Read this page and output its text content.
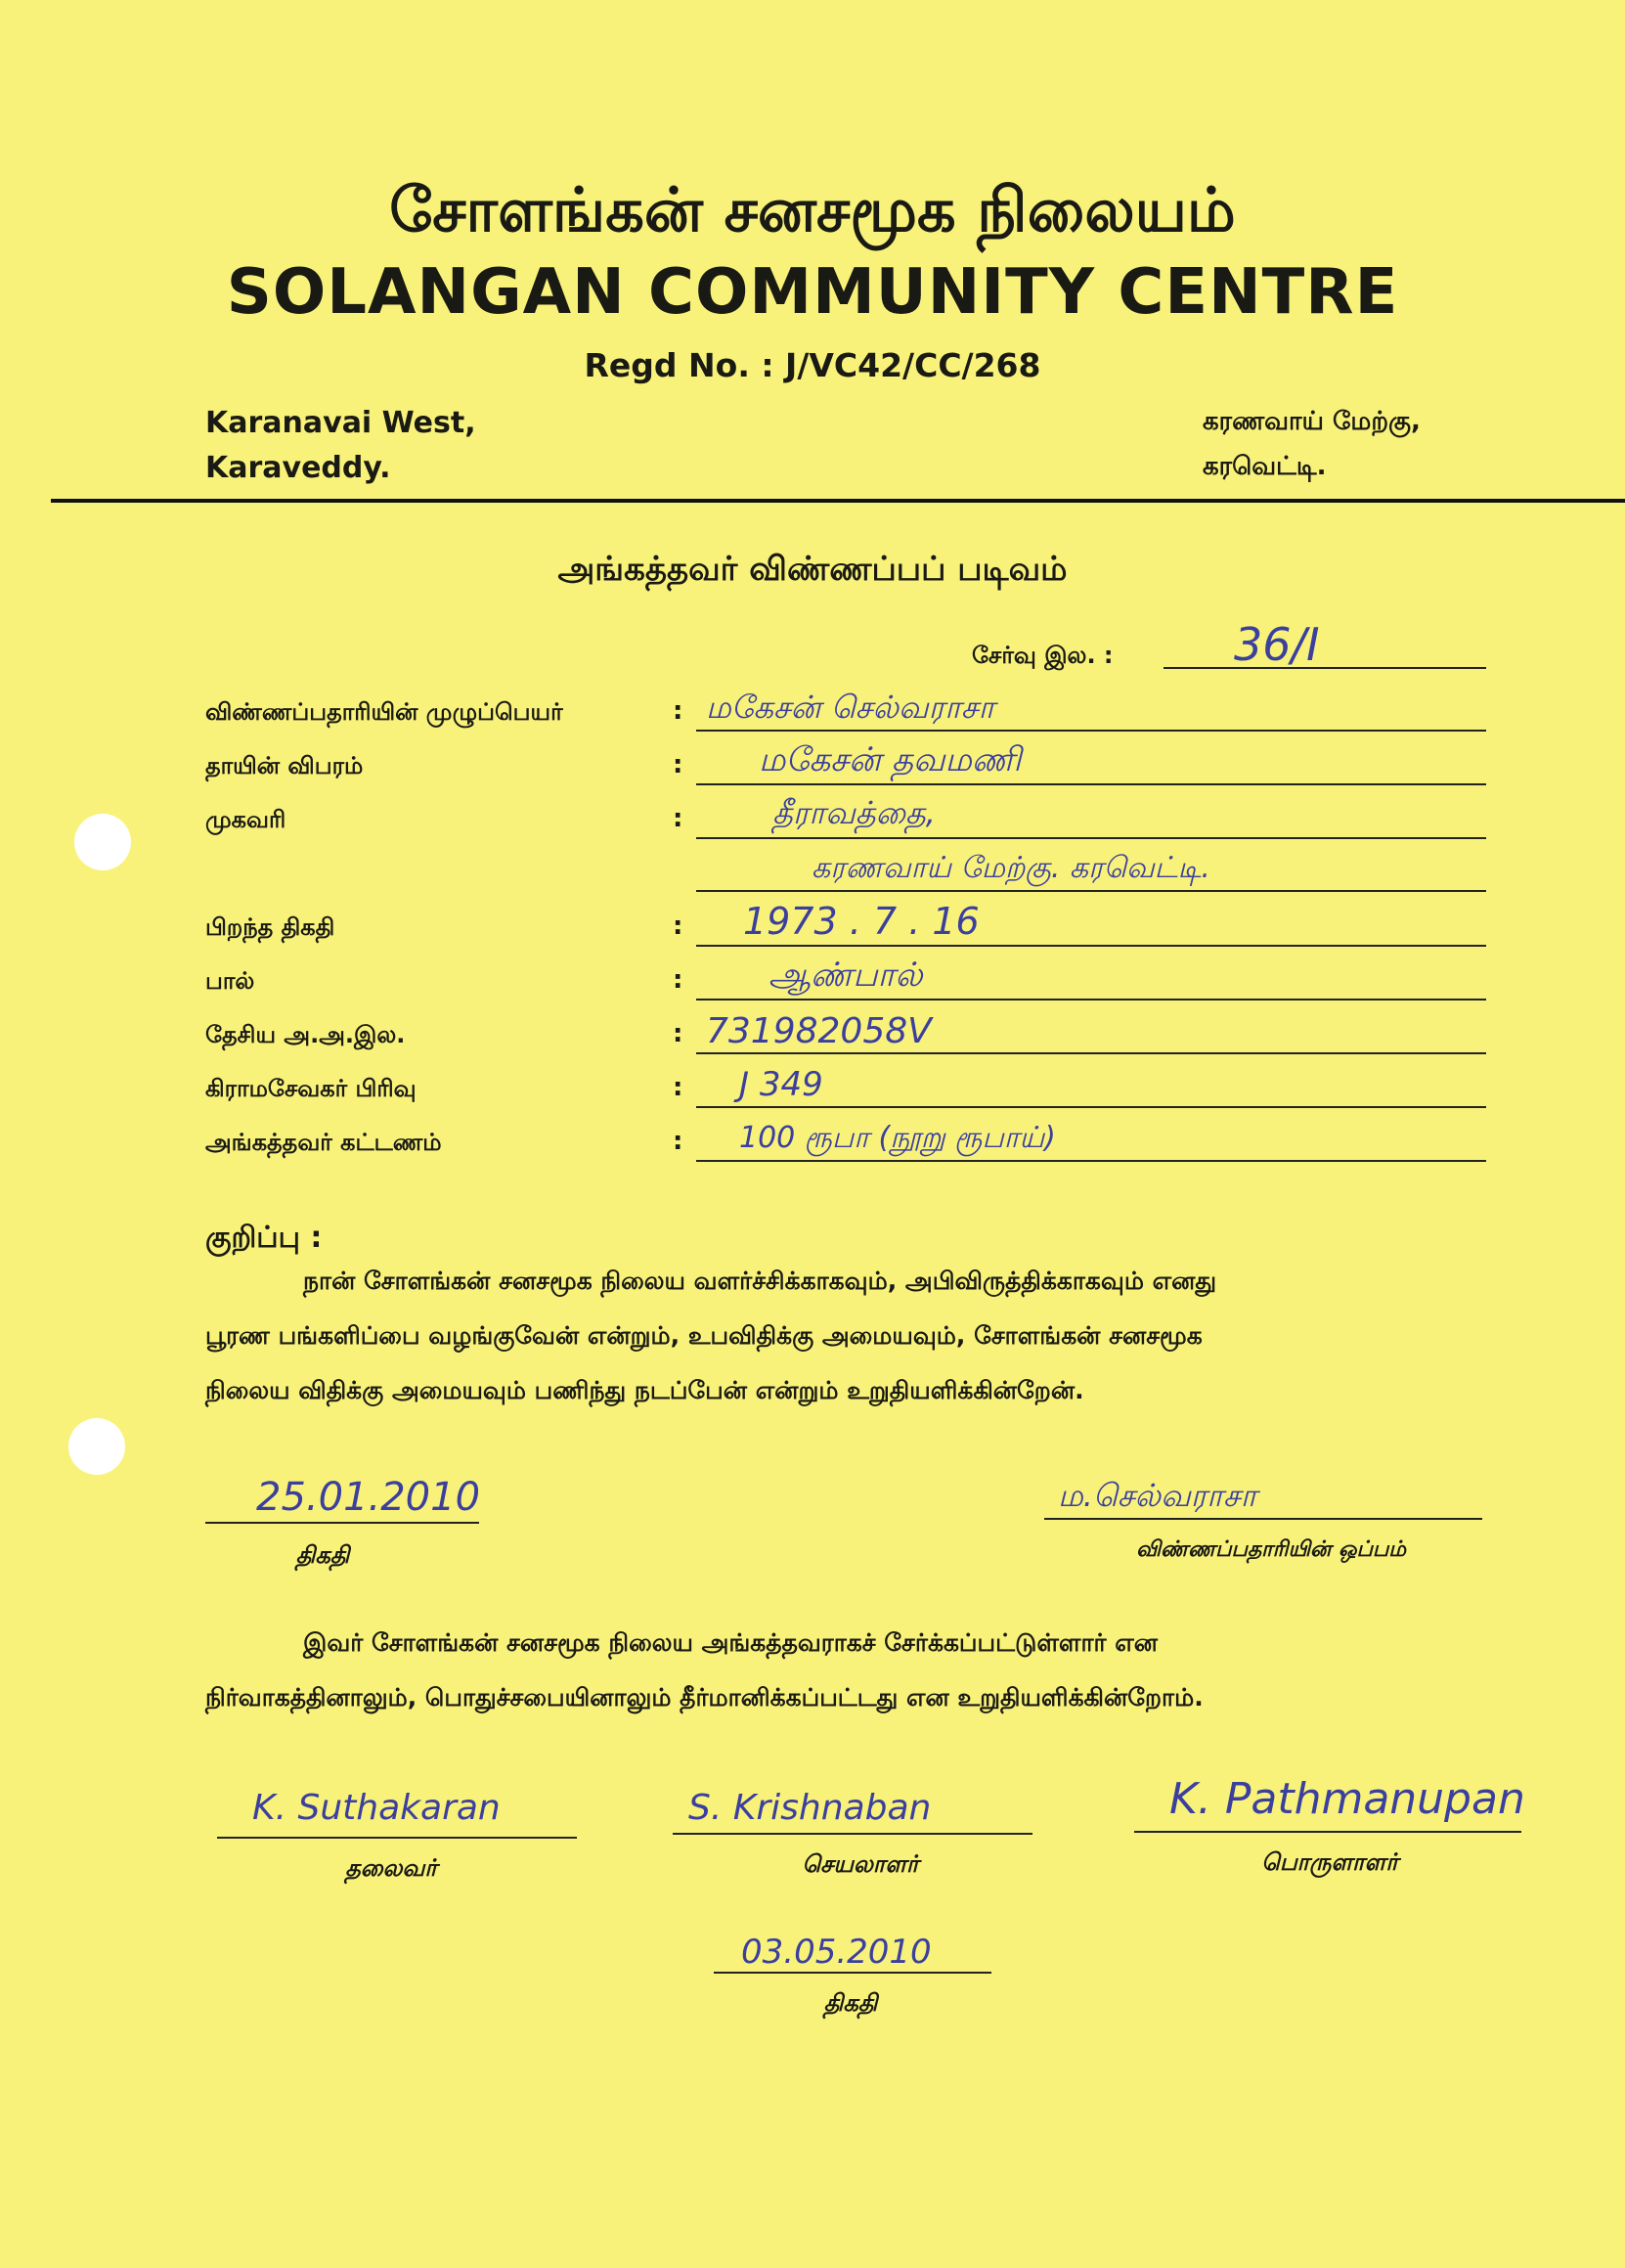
சோளங்கன் சனசமூக நிலையம்
SOLANGAN COMMUNITY CENTRE
Regd No. : J/VC42/CC/268
Karanavai West,
Karaveddy.
கரணவாய் மேற்கு,
கரவெட்டி.
அங்கத்தவர் விண்ணப்பப் படிவம்
சேர்வு இல. :	36/I
விண்ணப்பதாரியின் முழுப்பெயர்	: மகேசன் செல்வராசா
தாயின் விபரம்	: மகேசன் தவமணி
முகவரி	:	தீராவத்தை,
கரணவாய் மேற்கு. கரவெட்டி.
பிறந்த திகதி	: 1973 . 7 . 16
பால்	:	ஆண்பால்
தேசிய அ.அ.இல.	: 731982058V
கிராமசேவகர் பிரிவு	: J 349
அங்கத்தவர் கட்டணம்	: 100 ரூபா (நூறு ரூபாய்)
குறிப்பு :
நான் சோளங்கன் சனசமூக நிலைய வளர்ச்சிக்காகவும், அபிவிருத்திக்காகவும் எனது
பூரண பங்களிப்பை வழங்குவேன் என்றும், உபவிதிக்கு அமையவும், சோளங்கன் சனசமூக
நிலைய விதிக்கு அமையவும் பணிந்து நடப்பேன் என்றும் உறுதியளிக்கின்றேன்.
25.01.2010
திகதி
ம.செல்வராசா
விண்ணப்பதாரியின் ஒப்பம்
இவர் சோளங்கன் சனசமூக நிலைய அங்கத்தவராகச் சேர்க்கப்பட்டுள்ளார் என
நிர்வாகத்தினாலும், பொதுச்சபையினாலும் தீர்மானிக்கப்பட்டது என உறுதியளிக்கின்றோம்.
K. Suthakaran
தலைவர்
S. Krishnaban
செயலாளர்
K. Pathmanupan
பொருளாளர்
03.05.2010
திகதி
